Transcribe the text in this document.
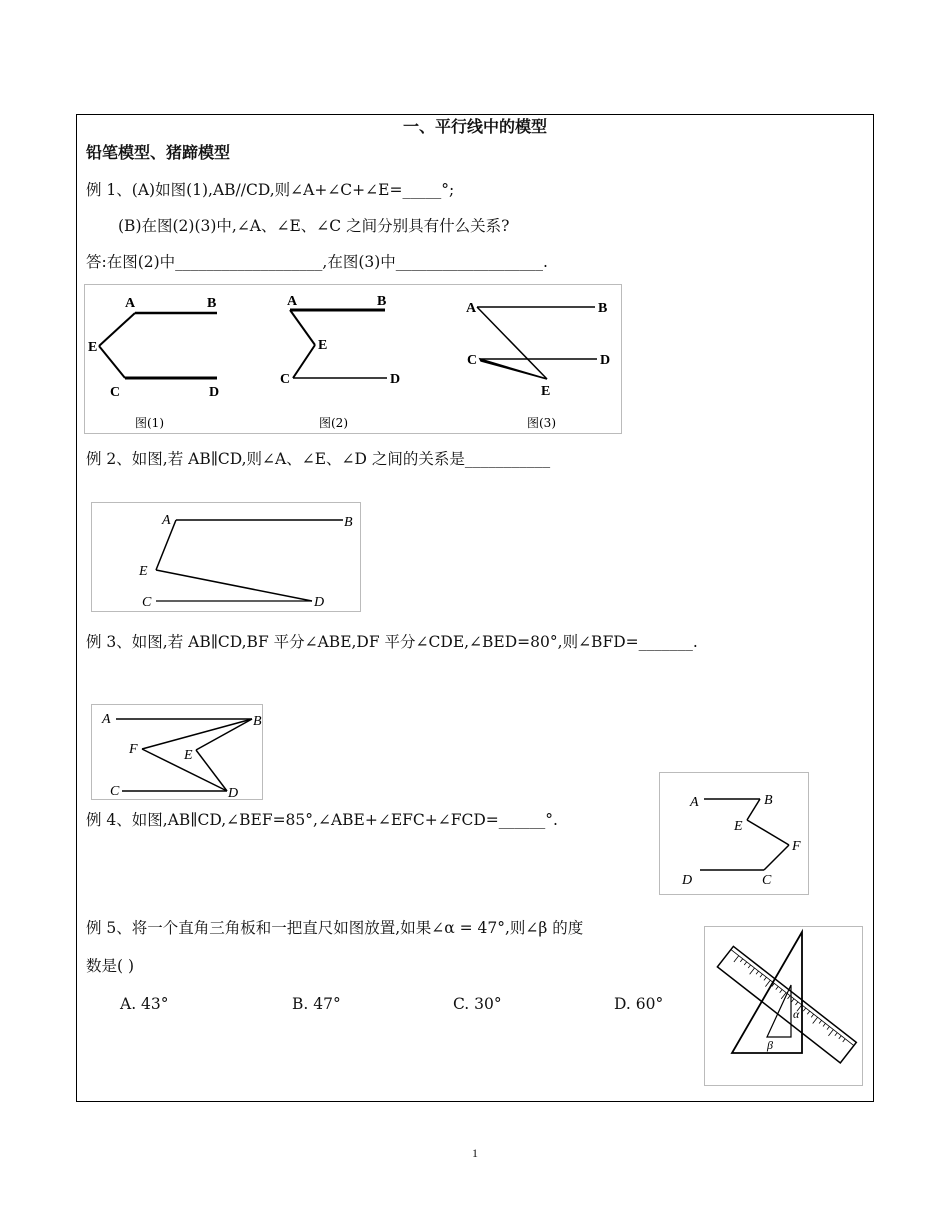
一、平行线中的模型
铅笔模型、猪蹄模型
例 1、(A)如图(1),AB//CD,则∠A+∠C+∠E=_____°;
(B)在图(2)(3)中,∠A、∠E、∠C 之间分别具有什么关系?
答:在图(2)中___________________,在图(3)中___________________.
A	B
E
C	D
图(1)
A	B
E
C	D
图(2)
A	B
C	D
E
图(3)
例 2、如图,若 AB∥CD,则∠A、∠E、∠D 之间的关系是___________
A	B
E
C	D
例 3、如图,若 AB∥CD,BF 平分∠ABE,DF 平分∠CDE,∠BED=80°,则∠BFD=_______.
A	B
F	E
C	D
例 4、如图,AB∥CD,∠BEF=85°,∠ABE+∠EFC+∠FCD=______°.
A	B
E
F
D	C
例 5、将一个直角三角板和一把直尺如图放置,如果∠α = 47°,则∠β 的度
数是( )
A. 43°	B. 47°	C. 30°	D. 60°
α
β
1
